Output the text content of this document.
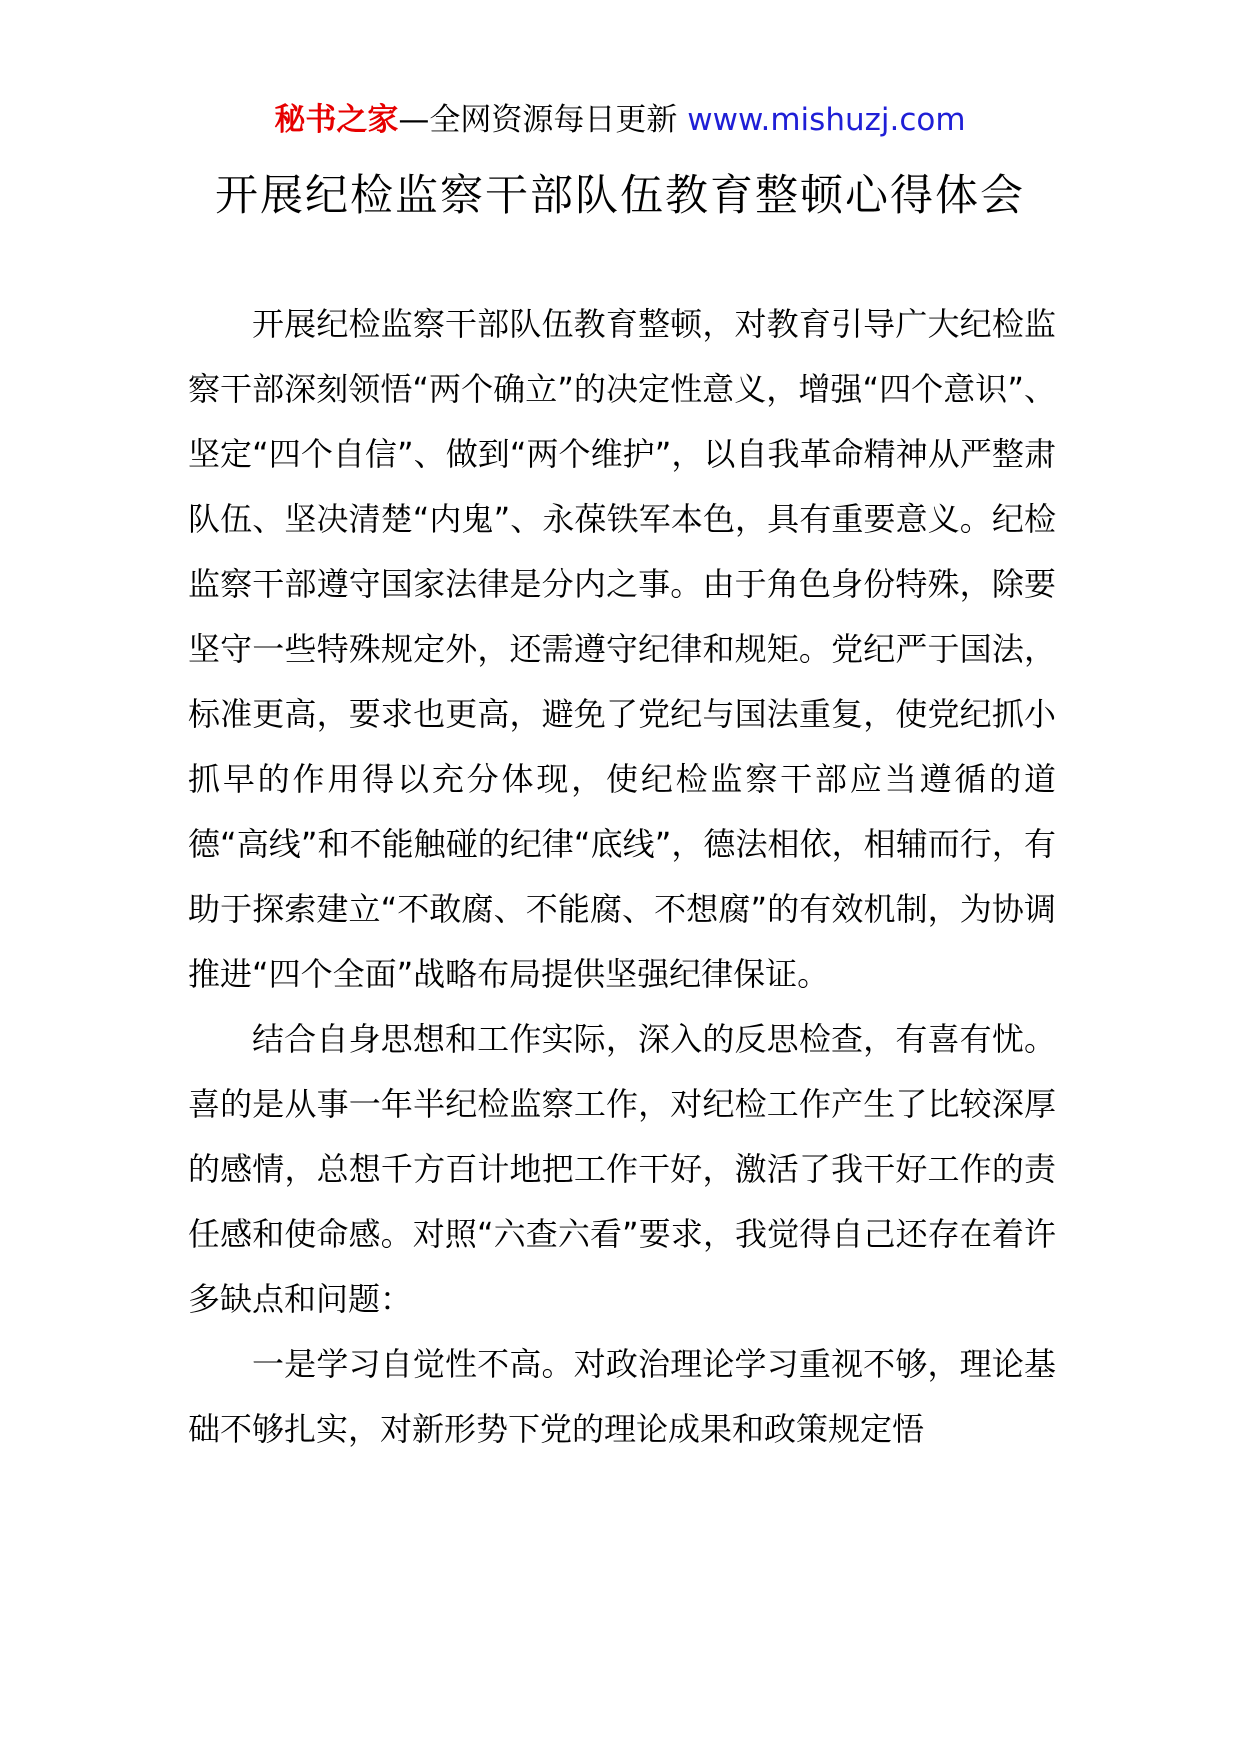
秘书之家—全网资源每日更新 www.mishuzj.com
开展纪检监察干部队伍教育整顿心得体会

开展纪检监察干部队伍教育整顿，对教育引导广大纪检监察干部深刻领悟“两个确立”的决定性意义，增强“四个意识”、坚定“四个自信”、做到“两个维护”，以自我革命精神从严整肃队伍、坚决清楚“内鬼”、永葆铁军本色，具有重要意义。纪检监察干部遵守国家法律是分内之事。由于角色身份特殊，除要坚守一些特殊规定外，还需遵守纪律和规矩。党纪严于国法，标准更高，要求也更高，避免了党纪与国法重复，使党纪抓小抓早的作用得以充分体现，使纪检监察干部应当遵循的道德“高线”和不能触碰的纪律“底线”，德法相依，相辅而行，有助于探索建立“不敢腐、不能腐、不想腐”的有效机制，为协调推进“四个全面”战略布局提供坚强纪律保证。

结合自身思想和工作实际，深入的反思检查，有喜有忧。喜的是从事一年半纪检监察工作，对纪检工作产生了比较深厚的感情，总想千方百计地把工作干好，激活了我干好工作的责任感和使命感。对照“六查六看”要求，我觉得自己还存在着许多缺点和问题：

一是学习自觉性不高。对政治理论学习重视不够，理论基础不够扎实，对新形势下党的理论成果和政策规定悟
